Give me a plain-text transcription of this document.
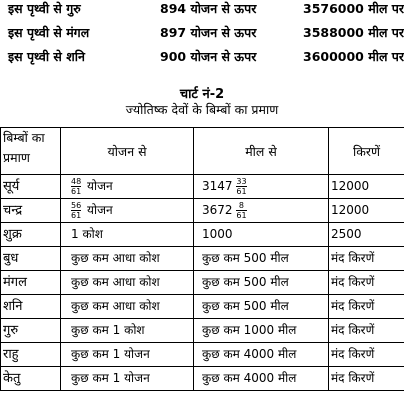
इस पृथ्वी से गुरु	894 योजन से ऊपर	3576000 मील पर
इस पृथ्वी से मंगल	897 योजन से ऊपर	3588000 मील पर
इस पृथ्वी से शनि	900 योजन से ऊपर	3600000 मील पर
चार्ट नं-2
ज्योतिष्क देवों के बिम्बों का प्रमाण
बिम्बों का प्रमाण	योजन से	मील से	किरणें
सूर्य	$\frac{48}{61}$ योजन	$3147 \frac{33}{61}$	12000
चन्द्र	$\frac{56}{61}$ योजन	$3672 \frac{8}{61}$	12000
शुक्र	1 कोश	1000	2500
बुध	कुछ कम आधा कोश	कुछ कम 500 मील	मंद किरणें
मंगल	कुछ कम आधा कोश	कुछ कम 500 मील	मंद किरणें
शनि	कुछ कम आधा कोश	कुछ कम 500 मील	मंद किरणें
गुरु	कुछ कम 1 कोश	कुछ कम 1000 मील	मंद किरणें
राहु	कुछ कम 1 योजन	कुछ कम 4000 मील	मंद किरणें
केतु	कुछ कम 1 योजन	कुछ कम 4000 मील	मंद किरणें
